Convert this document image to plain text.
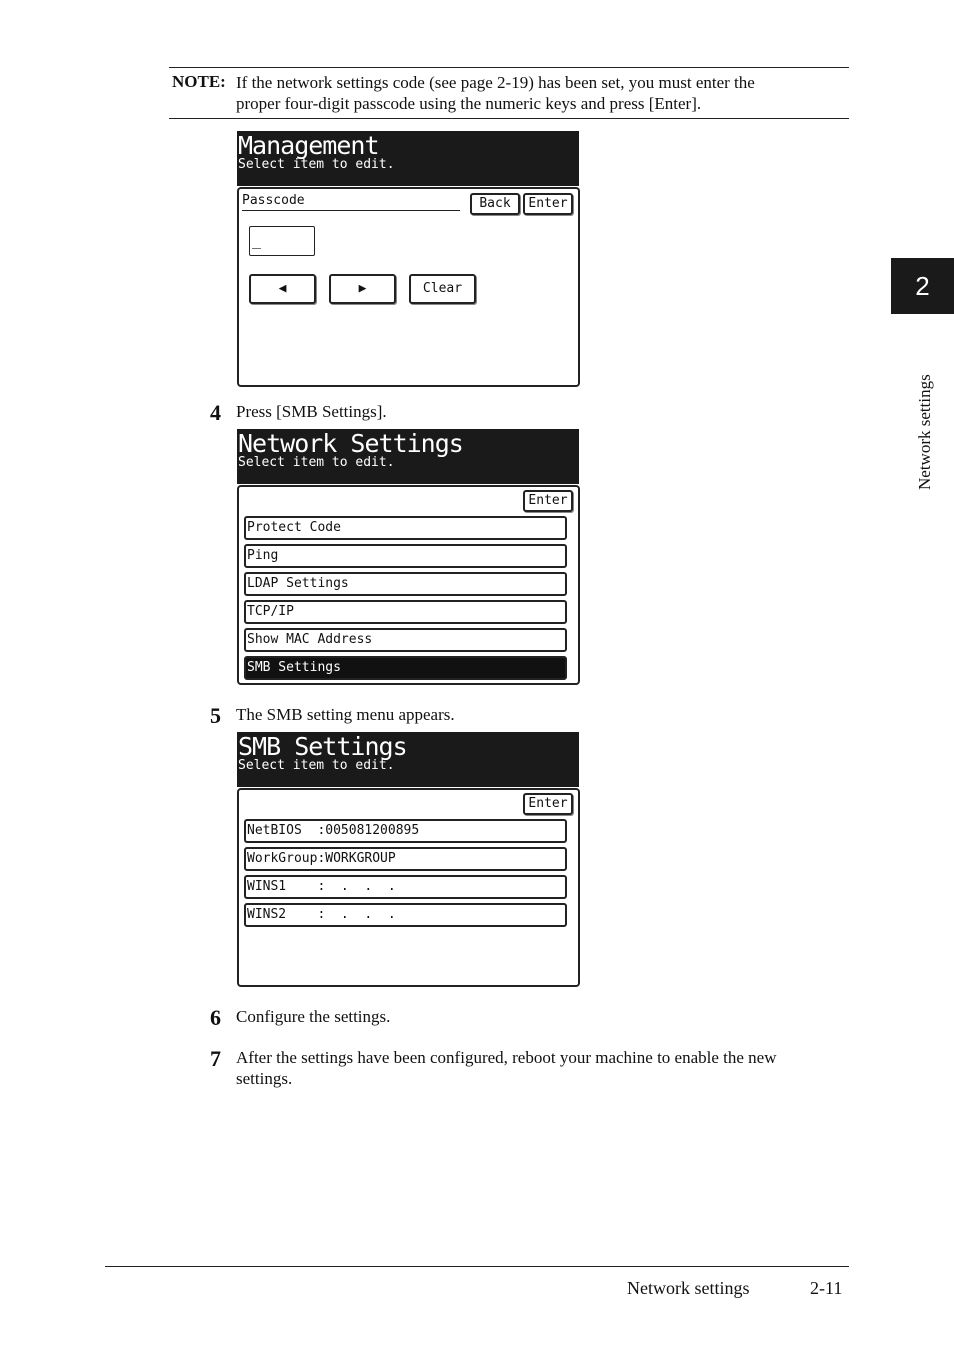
NOTE: If the network settings code (see page 2-19) has been set, you must enter the
proper four-digit passcode using the numeric keys and press [Enter].
Management
Select item to edit.
Passcode	Back	Enter
_
◀	▶	Clear
4 Press [SMB Settings].
Network Settings
Select item to edit.
Enter
Protect Code
Ping
LDAP Settings
TCP/IP
Show MAC Address
SMB Settings
5 The SMB setting menu appears.
SMB Settings
Select item to edit.
Enter
NetBIOS  :005081200895
WorkGroup:WORKGROUP
WINS1    :  .  .  .
WINS2    :  .  .  .
6 Configure the settings.
7 After the settings have been configured, reboot your machine to enable the new
settings.
2
Network settings
Network settings	2-11
